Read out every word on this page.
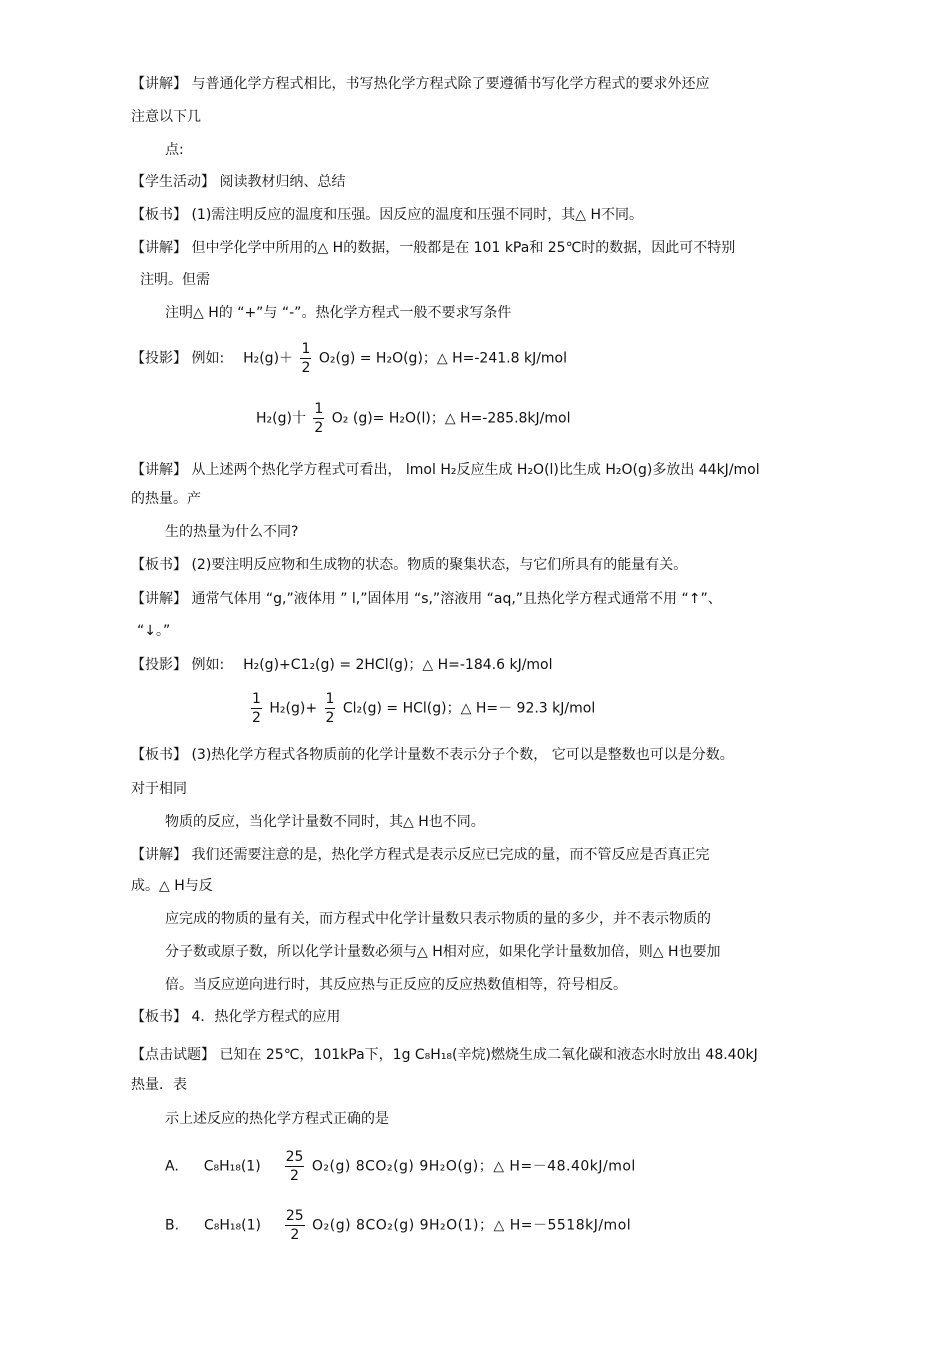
【讲解】 与普通化学方程式相比，书写热化学方程式除了要遵循书写化学方程式的要求外还应
注意以下几
点:
【学生活动】 阅读教材归纳、总结
【板书】 (1)需注明反应的温度和压强。因反应的温度和压强不同时，其△ H不同。
【讲解】 但中学化学中所用的△ H的数据，一般都是在 101 kPa和 25℃时的数据，因此可不特别
注明。但需
注明△ H的 “+”与 “-”。热化学方程式一般不要求写条件
【投影】 例如: $H_2(g)+ \frac{1}{2} O_2(g) = H_2O(g)$；△ H=-241.8 kJ/mol
H₂(g)十 $\frac{1}{2} O_2$ (g)= H₂O(l)；△ H=-285.8kJ/mol
【讲解】 从上述两个热化学方程式可看出， lmol H₂反应生成 H₂O(l)比生成 H₂O(g)多放出 44kJ/mol
的热量。产
生的热量为什么不同?
【板书】 (2)要注明反应物和生成物的状态。物质的聚集状态，与它们所具有的能量有关。
【讲解】 通常气体用 “g,”液体用 ” l,”固体用 “s,”溶液用 “aq,”且热化学方程式通常不用 “↑”、
“↓。”
【投影】 例如: H₂(g)+C1₂(g) = 2HCl(g)；△ H=-184.6 kJ/mol
$\frac{1}{2} H_2(g)+ \frac{1}{2} Cl_2(g) = HCl(g)$；△ H=－ 92.3 kJ/mol
【板书】 (3)热化学方程式各物质前的化学计量数不表示分子个数， 它可以是整数也可以是分数。
对于相同
物质的反应，当化学计量数不同时，其△ H也不同。
【讲解】 我们还需要注意的是，热化学方程式是表示反应已完成的量，而不管反应是否真正完
成。△ H与反
应完成的物质的量有关，而方程式中化学计量数只表示物质的量的多少，并不表示物质的
分子数或原子数，所以化学计量数必须与△ H相对应，如果化学计量数加倍，则△ H也要加
倍。当反应逆向进行时，其反应热与正反应的反应热数值相等，符号相反。
【板书】 4．热化学方程式的应用
【点击试题】 已知在 25℃，101kPa下，1g C₈H₁₈(辛烷)燃烧生成二氧化碳和液态水时放出 48.40kJ
热量．表
示上述反应的热化学方程式正确的是
A. $C_8H_{18}(1) \frac{25}{2} O_2(g)$ 8CO₂(g) 9H₂O(g)；△ H=－48.40kJ/mol
B. $C_8H_{18}(1) \frac{25}{2} O_2(g)$ 8CO₂(g) 9H₂O(1)；△ H=－5518kJ/mol
